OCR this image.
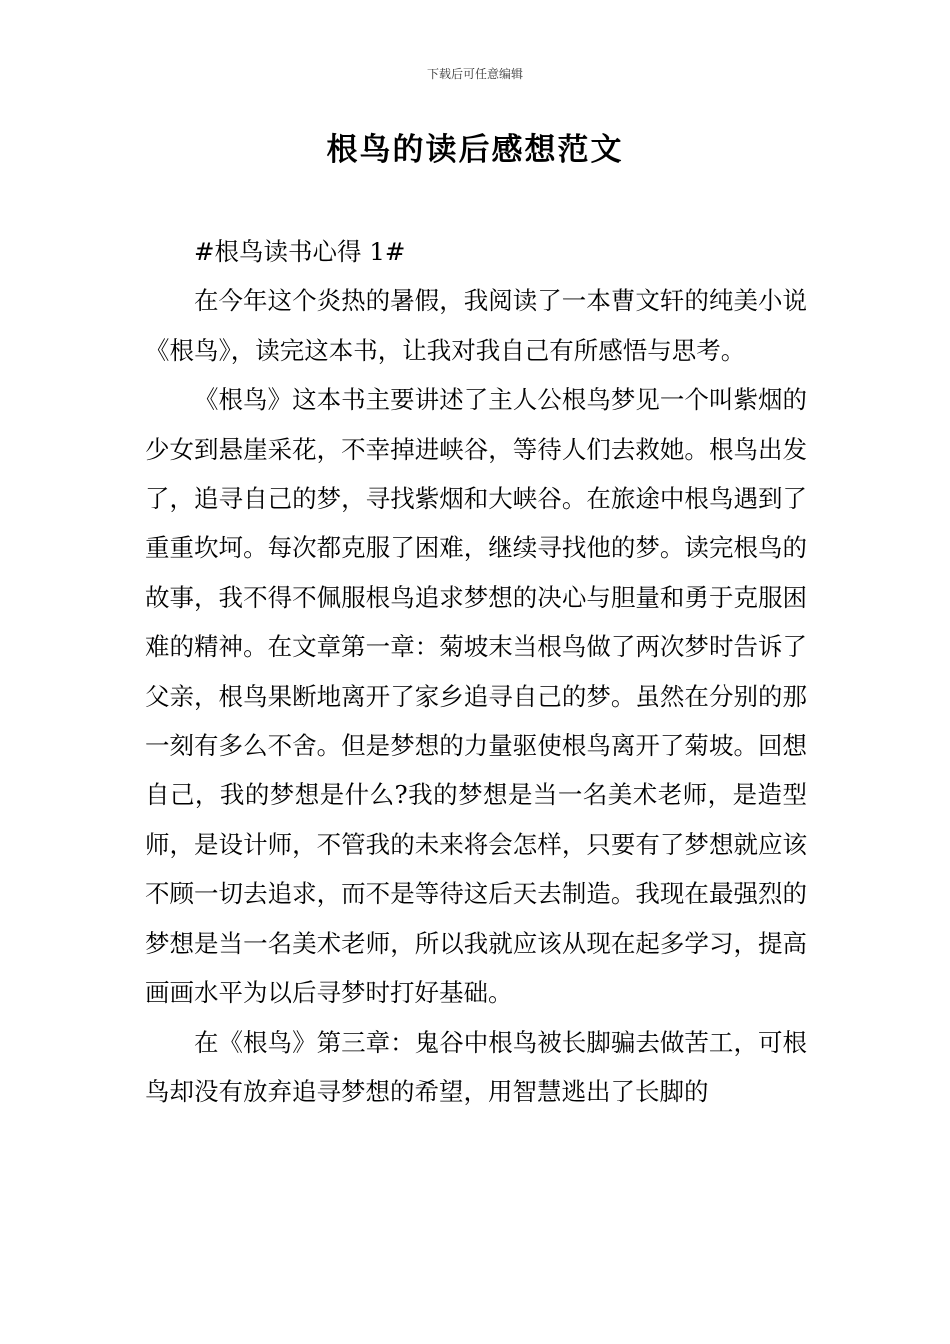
下载后可任意编辑
根鸟的读后感想范文

#根鸟读书心得 1#

在今年这个炎热的暑假，我阅读了一本曹文轩的纯美小说《根鸟》，读完这本书，让我对我自己有所感悟与思考。

《根鸟》这本书主要讲述了主人公根鸟梦见一个叫紫烟的少女到悬崖采花，不幸掉进峡谷，等待人们去救她。根鸟出发了，追寻自己的梦，寻找紫烟和大峡谷。在旅途中根鸟遇到了重重坎坷。每次都克服了困难，继续寻找他的梦。读完根鸟的故事，我不得不佩服根鸟追求梦想的决心与胆量和勇于克服困难的精神。在文章第一章：菊坡末当根鸟做了两次梦时告诉了父亲，根鸟果断地离开了家乡追寻自己的梦。虽然在分别的那一刻有多么不舍。但是梦想的力量驱使根鸟离开了菊坡。回想自己，我的梦想是什么?我的梦想是当一名美术老师，是造型师，是设计师，不管我的未来将会怎样，只要有了梦想就应该不顾一切去追求，而不是等待这后天去制造。我现在最强烈的梦想是当一名美术老师，所以我就应该从现在起多学习，提高画画水平为以后寻梦时打好基础。

在《根鸟》第三章：鬼谷中根鸟被长脚骗去做苦工，可根鸟却没有放弃追寻梦想的希望，用智慧逃出了长脚的
